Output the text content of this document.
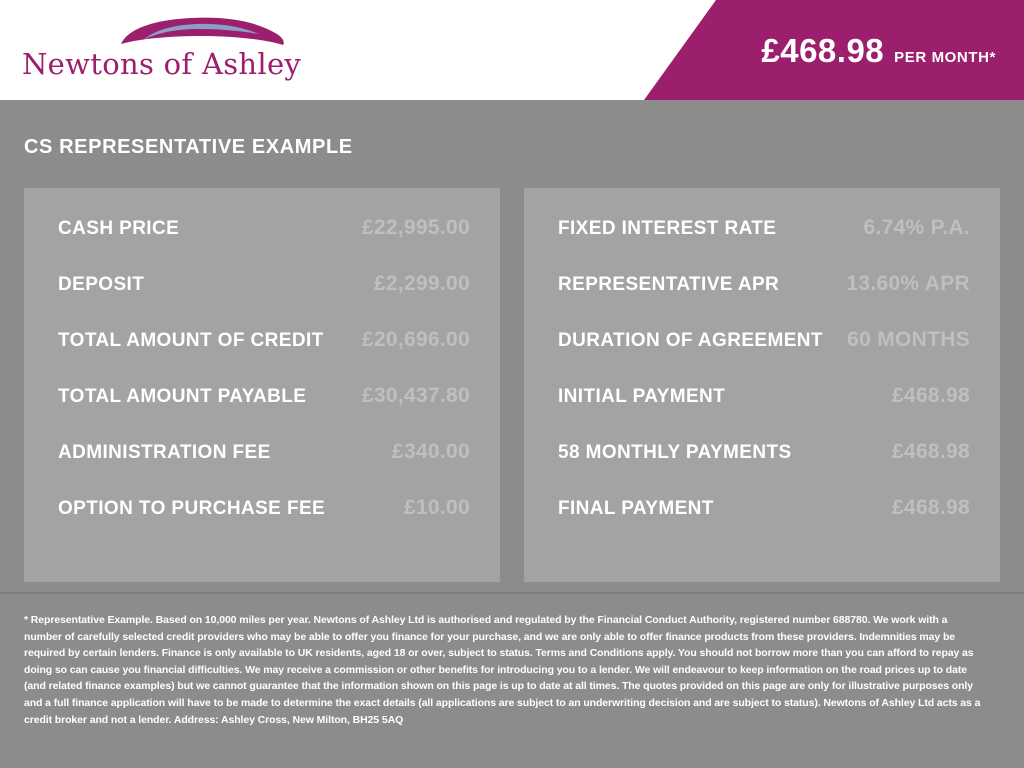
Newtons of Ashley	£468.98 PER MONTH*
CS REPRESENTATIVE EXAMPLE
CASH PRICE	£22,995.00
DEPOSIT	£2,299.00
TOTAL AMOUNT OF CREDIT £20,696.00
TOTAL AMOUNT PAYABLE	£30,437.80
ADMINISTRATION FEE	£340.00
OPTION TO PURCHASE FEE	£10.00
FIXED INTEREST RATE	6.74% P.A.
REPRESENTATIVE APR	13.60% APR
DURATION OF AGREEMENT 60 MONTHS
INITIAL PAYMENT	£468.98
58 MONTHLY PAYMENTS	£468.98
FINAL PAYMENT	£468.98
* Representative Example. Based on 10,000 miles per year. Newtons of Ashley Ltd is authorised and regulated by the Financial Conduct Authority, registered number 688780. We work with a number of carefully selected credit providers who may be able to offer you finance for your purchase, and we are only able to offer finance products from these providers. Indemnities may be required by certain lenders. Finance is only available to UK residents, aged 18 or over, subject to status. Terms and Conditions apply. You should not borrow more than you can afford to repay as doing so can cause you financial difficulties. We may receive a commission or other benefits for introducing you to a lender. We will endeavour to keep information on the road prices up to date (and related finance examples) but we cannot guarantee that the information shown on this page is up to date at all times. The quotes provided on this page are only for illustrative purposes only and a full finance application will have to be made to determine the exact details (all applications are subject to an underwriting decision and are subject to status). Newtons of Ashley Ltd acts as a credit broker and not a lender. Address: Ashley Cross, New Milton, BH25 5AQ
